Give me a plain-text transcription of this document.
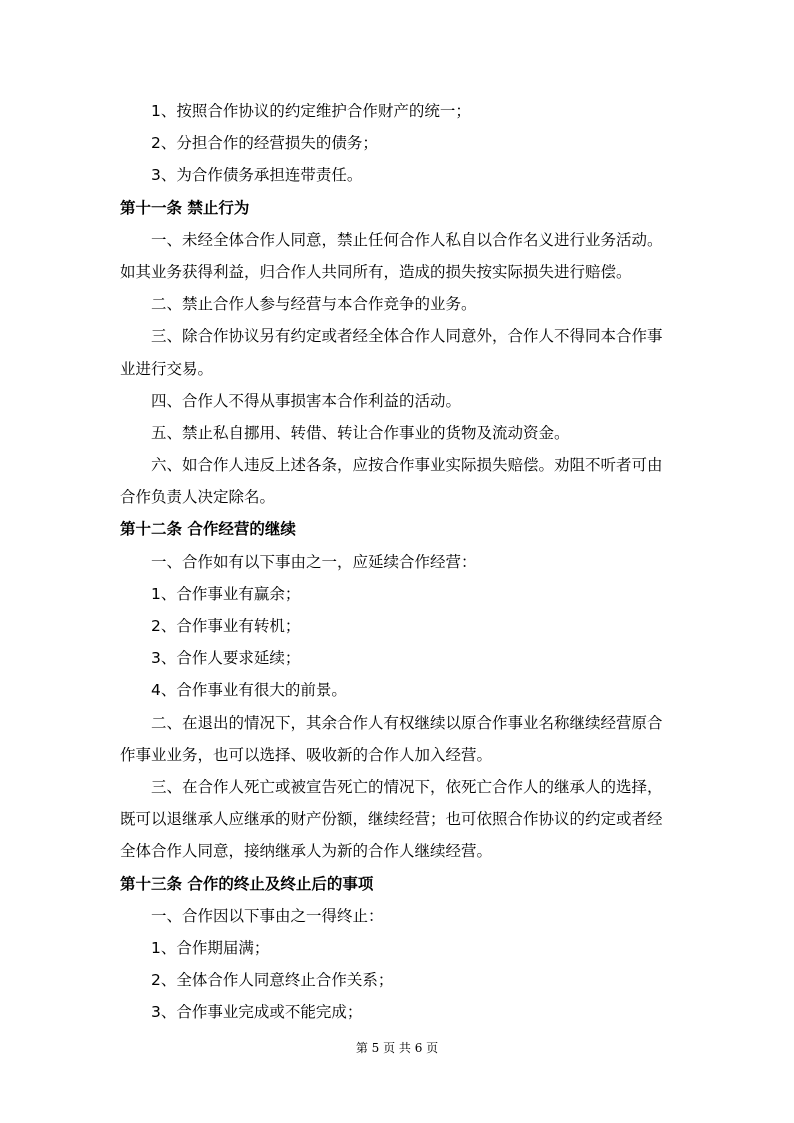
1、按照合作协议的约定维护合作财产的统一；
2、分担合作的经营损失的债务；
3、为合作债务承担连带责任。
第十一条 禁止行为
一、未经全体合作人同意，禁止任何合作人私自以合作名义进行业务活动。
如其业务获得利益，归合作人共同所有，造成的损失按实际损失进行赔偿。
二、禁止合作人参与经营与本合作竞争的业务。
三、除合作协议另有约定或者经全体合作人同意外，合作人不得同本合作事
业进行交易。
四、合作人不得从事损害本合作利益的活动。
五、禁止私自挪用、转借、转让合作事业的货物及流动资金。
六、如合作人违反上述各条，应按合作事业实际损失赔偿。劝阻不听者可由
合作负责人决定除名。
第十二条 合作经营的继续
一、合作如有以下事由之一，应延续合作经营：
1、合作事业有赢余；
2、合作事业有转机；
3、合作人要求延续；
4、合作事业有很大的前景。
二、在退出的情况下，其余合作人有权继续以原合作事业名称继续经营原合
作事业业务，也可以选择、吸收新的合作人加入经营。
三、在合作人死亡或被宣告死亡的情况下，依死亡合作人的继承人的选择，
既可以退继承人应继承的财产份额，继续经营；也可依照合作协议的约定或者经
全体合作人同意，接纳继承人为新的合作人继续经营。
第十三条 合作的终止及终止后的事项
一、合作因以下事由之一得终止：
1、合作期届满；
2、全体合作人同意终止合作关系；
3、合作事业完成或不能完成；
第 5 页 共 6 页
